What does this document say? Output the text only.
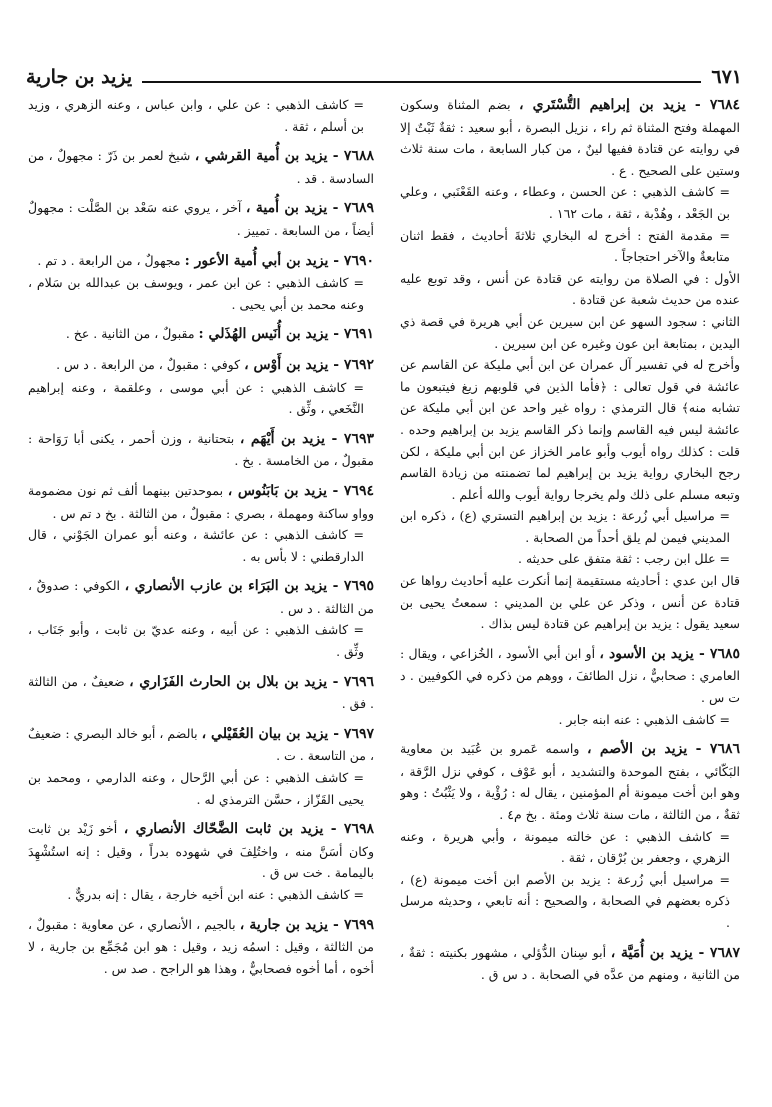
٦٧١
يزيد بن جارية

٧٦٨٤ - يزيد بن إبراهيم التُّسْتَري ، بضم المثناة وسكون المهملة وفتح المثناة ثم راء ، نزيل البصرة ، أبو سعيد : ثقةٌ ثَبْتٌ إلا في روايته عن قتادة ففيها لينٌ ، من كبار السابعة ، مات سنة ثلاث وستين على الصحيح . ع .

= كاشف الذهبي : عن الحسن ، وعطاء ، وعنه القَعْنَبي ، وعلي بن الجَعْد ، وهُدْبة ، ثقة ، مات ١٦٢ .

= مقدمة الفتح : أخرج له البخاري ثلاثةَ أحاديث ، فقط اثنان متابعةٌ والآخر احتجاجاً .

الأول : في الصلاة من روايته عن قتادة عن أنس ، وقد توبع عليه عنده من حديث شعبة عن قتادة .

الثاني : سجود السهو عن ابن سيرين عن أبي هريرة في قصة ذي اليدين ، بمتابعة ابن عون وغيره عن ابن سيرين .

وأخرج له في تفسير آل عمران عن ابن أبي مليكة عن القاسم عن عائشة في قول تعالى : ﴿فأما الذين في قلوبهم زيغ فيتبعون ما تشابه منه﴾ قال الترمذي : رواه غير واحد عن ابن أبي مليكة عن عائشة ليس فيه القاسم وإنما ذكر القاسم يزيد بن إبراهيم وحده . قلت : كذلك رواه أيوب وأبو عامر الخزاز عن ابن أبي مليكة ، لكن رجح البخاري رواية يزيد بن إبراهيم لما تضمنته من زيادة القاسم وتبعه مسلم على ذلك ولم يخرجا رواية أيوب والله أعلم .

= مراسيل أبي زُرعة : يزيد بن إبراهيم التستري (ع) ، ذكره ابن المديني فيمن لم يلق أحداً من الصحابة .

= علل ابن رجب : ثقة متفق على حديثه .

قال ابن عدي : أحاديثه مستقيمة إنما أنكرت عليه أحاديث رواها عن قتادة عن أنس ، وذكر عن علي بن المديني : سمعتُ يحيى بن سعيد يقول : يزيد بن إبراهيم عن قتادة ليس بذاك .

٧٦٨٥ - يزيد بن الأسود ، أو ابن أبي الأسود ، الخُزاعي ، ويقال : العامري : صحابيٌّ ، نزل الطائفَ ، ووهم من ذكره في الكوفيين . د ت س .

= كاشف الذهبي : عنه ابنه جابر .

٧٦٨٦ - يزيد بن الأصم ، واسمه عَمرو بن عُبَيد بن معاوية البَكّائي ، بفتح الموحدة والتشديد ، أبو عَوْف ، كوفي نزل الرَّقة ، وهو ابن أخت ميمونة أم المؤمنين ، يقال له : رُؤْية ، ولا يَثْبُتُ : وهو ثقةٌ ، من الثالثة ، مات سنة ثلاث ومئة . بخ م٤ .

= كاشف الذهبي : عن خالته ميمونة ، وأبي هريرة ، وعنه الزهري ، وجعفر بن بُرْقان ، ثقة .

= مراسيل أبي زُرعة : يزيد بن الأصم ابن أخت ميمونة (ع) ، ذكره بعضهم في الصحابة ، والصحيح : أنه تابعي ، وحديثه مرسل .

٧٦٨٧ - يزيد بن أُمَيَّة ، أبو سِنان الدُّؤلي ، مشهور بكنيته : ثقةٌ ، من الثانية ، ومنهم من عدَّه في الصحابة . د س ق .

= كاشف الذهبي : عن علي ، وابن عباس ، وعنه الزهري ، وزيد بن أسلم ، ثقة .

٧٦٨٨ - يزيد بن أُمية القرشي ، شيخ لعمر بن ذَرّ : مجهولٌ ، من السادسة . قد .

٧٦٨٩ - يزيد بن أُمية ، آخر ، يروي عنه سَعْد بن الصَّلْت : مجهولٌ أيضاً ، من السابعة . تمييز .

٧٦٩٠ - يزيد بن أبي أُمية الأعور : مجهولٌ ، من الرابعة . د تم .

= كاشف الذهبي : عن ابن عمر ، ويوسف بن عبدالله بن سَلام ، وعنه محمد بن أبي يحيى .

٧٦٩١ - يزيد بن أُنَيس الهُذَلي : مقبولٌ ، من الثانية . عخ .

٧٦٩٢ - يزيد بن أَوْس ، كوفي : مقبولٌ ، من الرابعة . د س .

= كاشف الذهبي : عن أبي موسى ، وعلقمة ، وعنه إبراهيم النَّخَعي ، وثِّق .

٧٦٩٣ - يزيد بن أَيْهَم ، بتحتانية ، وزن أحمر ، يكنى أبا رَوَاحة : مقبولٌ ، من الخامسة . بخ .

٧٦٩٤ - يزيد بن بَابَنُوس ، بموحدتين بينهما ألف ثم نون مضمومة وواو ساكنة ومهملة ، بصري : مقبولٌ ، من الثالثة . بخ د تم س .

= كاشف الذهبي : عن عائشة ، وعنه أبو عمران الجَوْني ، قال الدارقطني : لا بأس به .

٧٦٩٥ - يزيد بن البَرَاء بن عازب الأنصاري ، الكوفي : صدوقٌ ، من الثالثة . د س .

= كاشف الذهبي : عن أبيه ، وعنه عديّ بن ثابت ، وأبو جَنَاب ، وثِّق .

٧٦٩٦ - يزيد بن بلال بن الحارث الفَزَاري ، ضعيفٌ ، من الثالثة . فق .

٧٦٩٧ - يزيد بن بيان العُقَيْلي ، بالضم ، أبو خالد البصري : ضعيفٌ ، من التاسعة . ت .

= كاشف الذهبي : عن أبي الرَّحال ، وعنه الدارمي ، ومحمد بن يحيى القَزّاز ، حسَّن الترمذي له .

٧٦٩٨ - يزيد بن ثابت الضَّحّاك الأنصاري ، أخو زَيْد بن ثابت وكان أسَنَّ منه ، واختُلِفَ في شهوده بدراً ، وقيل : إنه استُشْهِدَ باليمامة . خت س ق .

= كاشف الذهبي : عنه ابن أخيه خارجة ، يقال : إنه بدريٌّ .

٧٦٩٩ - يزيد بن جارية ، بالجيم ، الأنصاري ، عن معاوية : مقبولٌ ، من الثالثة ، وقيل : اسمُه زيد ، وقيل : هو ابن مُجَمِّع بن جارية ، لا أخوه ، أما أخوه فصحابيٌّ ، وهذا هو الراجح . صد س .
